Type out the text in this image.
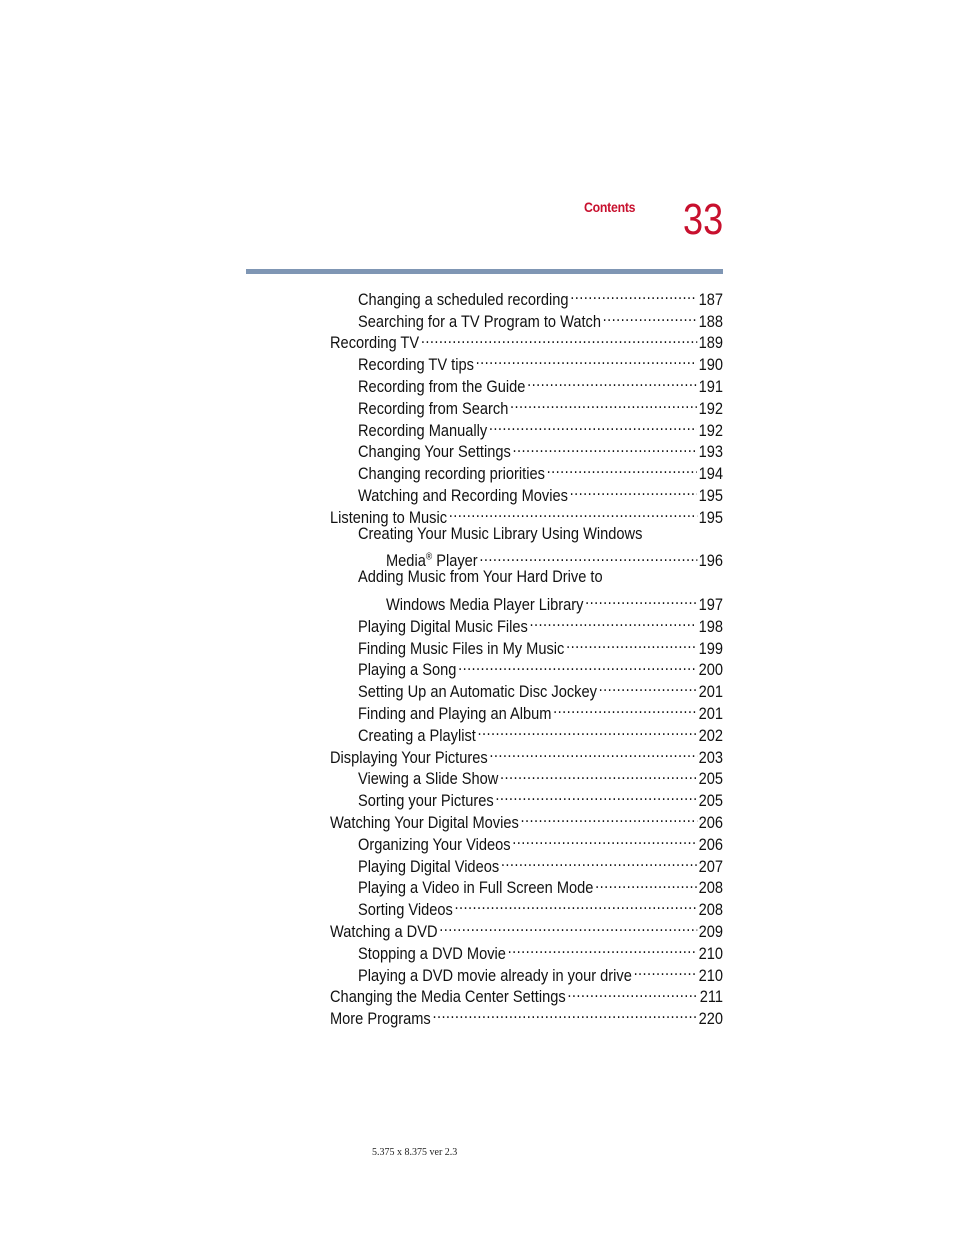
Contents 33
Changing a scheduled recording .....	187
Searching for a TV Program to Watch .....	188
Recording TV .....	189
Recording TV tips .....	190
Recording from the Guide .....	191
Recording from Search .....	192
Recording Manually .....	192
Changing Your Settings .....	193
Changing recording priorities .....	194
Watching and Recording Movies .....	195
Listening to Music .....	195
Creating Your Music Library Using Windows
Media® Player .....	196
Adding Music from Your Hard Drive to
Windows Media Player Library .....	197
Playing Digital Music Files .....	198
Finding Music Files in My Music .....	199
Playing a Song .....	200
Setting Up an Automatic Disc Jockey .....	201
Finding and Playing an Album .....	201
Creating a Playlist .....	202
Displaying Your Pictures .....	203
Viewing a Slide Show .....	205
Sorting your Pictures .....	205
Watching Your Digital Movies .....	206
Organizing Your Videos .....	206
Playing Digital Videos .....	207
Playing a Video in Full Screen Mode .....	208
Sorting Videos .....	208
Watching a DVD .....	209
Stopping a DVD Movie .....	210
Playing a DVD movie already in your drive .....	210
Changing the Media Center Settings .....	211
More Programs .....	220
5.375 x 8.375 ver 2.3
